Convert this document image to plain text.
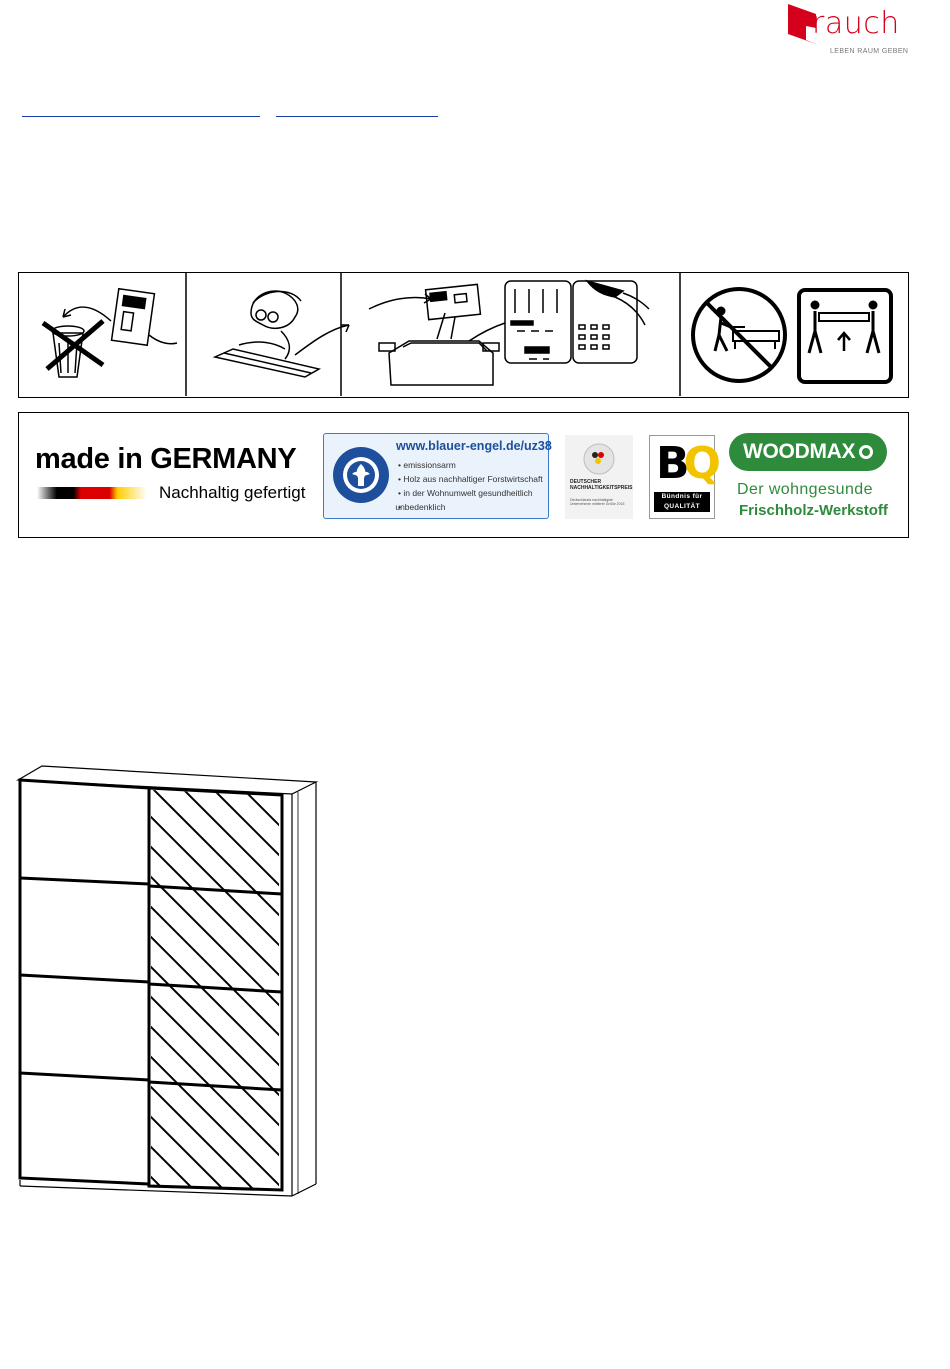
rauch
LEBEN RAUM GEBEN
made in GERMANY
Nachhaltig gefertigt
www.blauer-engel.de/uz38
• emissionsarm
• Holz aus nachhaltiger Forstwirtschaft
• in der Wohnumwelt gesundheitlich
• unbedenklich
DEUTSCHER
NACHHALTIGKEITSPREIS
Deutschlands nachhaltigste
Unternehmen mittlerer Größe 2015
BQ
Bündnis für
QUALITÄT
WOODMAX
Der wohngesunde
Frischholz-Werkstoff
